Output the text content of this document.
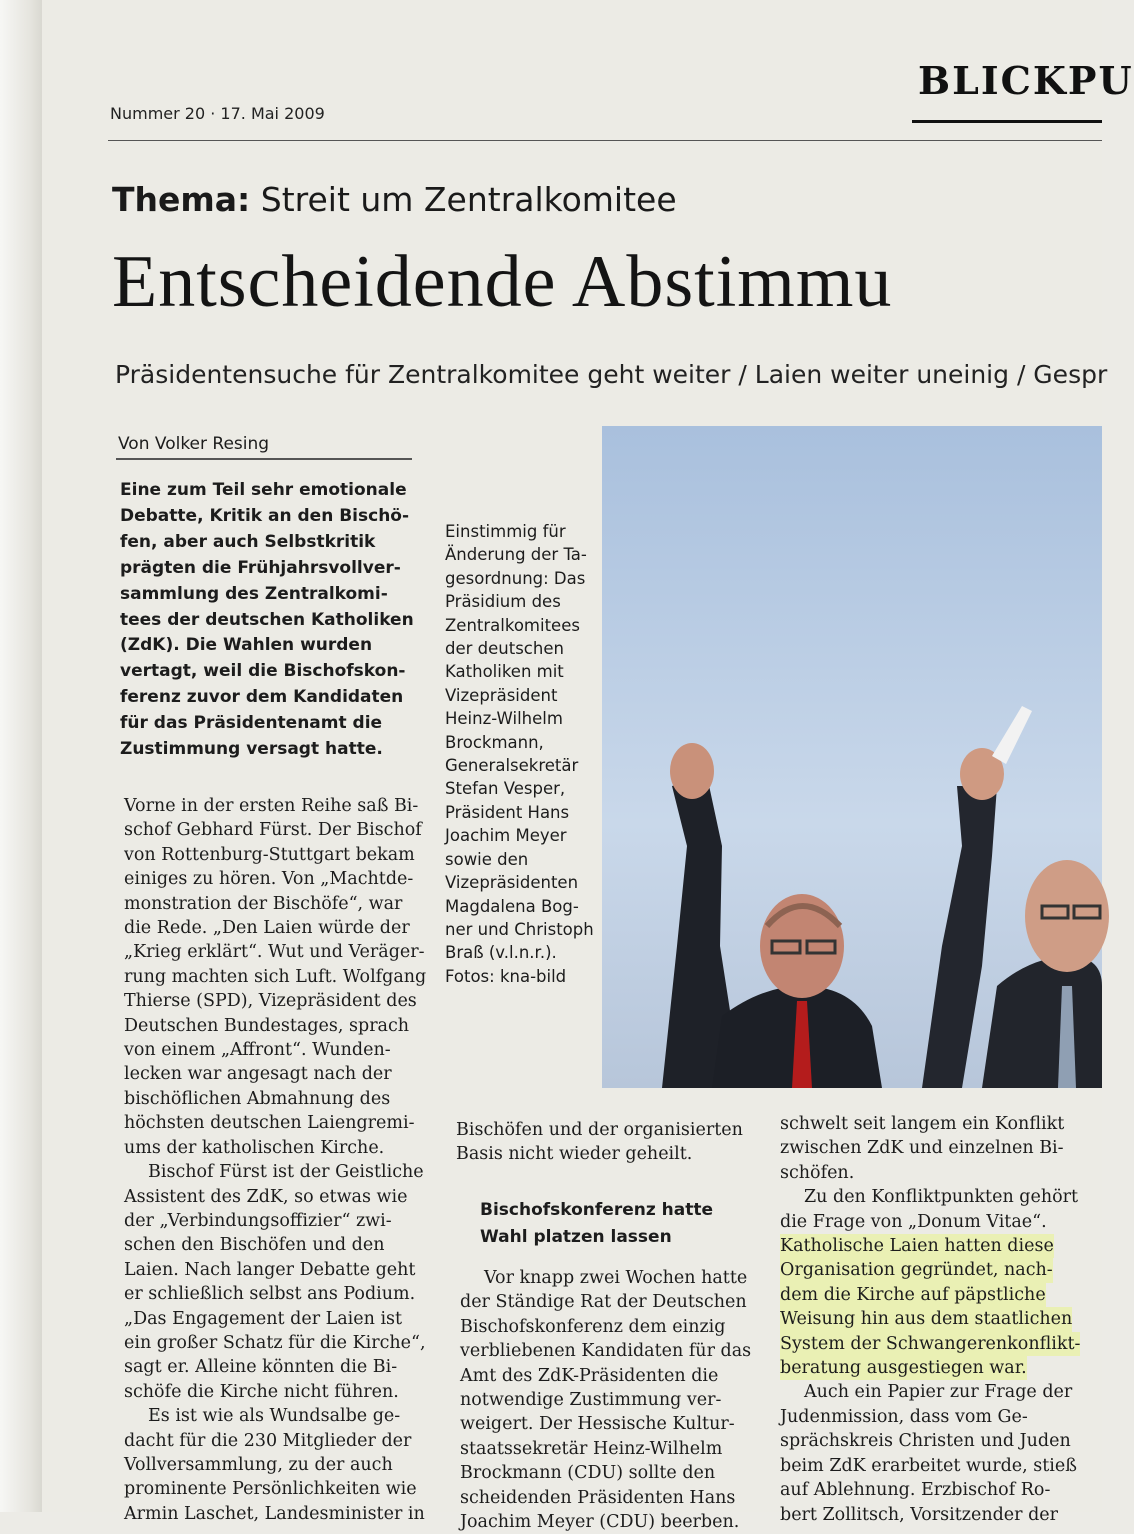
BLICKPU
Nummer 20 · 17. Mai 2009
Thema: Streit um Zentralkomitee
Entscheidende Abstimmu
Präsidentensuche für Zentralkomitee geht weiter / Laien weiter uneinig / Gespr
Von Volker Resing

Eine zum Teil sehr emotionale
Debatte, Kritik an den Bischö-
fen, aber auch Selbstkritik
prägten die Frühjahrsvollver-
sammlung des Zentralkomi-
tees der deutschen Katholiken
(ZdK). Die Wahlen wurden
vertagt, weil die Bischofskon-
ferenz zuvor dem Kandidaten
für das Präsidentenamt die
Zustimmung versagt hatte.

Einstimmig für
Änderung der Ta-
gesordnung: Das
Präsidium des
Zentralkomitees
der deutschen
Katholiken mit
Vizepräsident
Heinz-Wilhelm
Brockmann,
Generalsekretär
Stefan Vesper,
Präsident Hans
Joachim Meyer
sowie den
Vizepräsidenten
Magdalena Bog-
ner und Christoph
Braß (v.l.n.r.).
Fotos: kna-bild

Vorne in der ersten Reihe saß Bi-
schof Gebhard Fürst. Der Bischof
von Rottenburg-Stuttgart bekam
einiges zu hören. Von „Machtde-
monstration der Bischöfe“, war
die Rede. „Den Laien würde der
„Krieg erklärt“. Wut und Veräger-
rung machten sich Luft. Wolfgang
Thierse (SPD), Vizepräsident des
Deutschen Bundestages, sprach
von einem „Affront“. Wunden-
lecken war angesagt nach der
bischöflichen Abmahnung des
höchsten deutschen Laiengremi-
ums der katholischen Kirche.
Bischof Fürst ist der Geistliche
Assistent des ZdK, so etwas wie
der „Verbindungsoffizier“ zwi-
schen den Bischöfen und den
Laien. Nach langer Debatte geht
er schließlich selbst ans Podium.
„Das Engagement der Laien ist
ein großer Schatz für die Kirche“,
sagt er. Alleine könnten die Bi-
schöfe die Kirche nicht führen.
Es ist wie als Wundsalbe ge-
dacht für die 230 Mitglieder der
Vollversammlung, zu der auch
prominente Persönlichkeiten wie
Armin Laschet, Landesminister in

Bischöfen und der organisierten
Basis nicht wieder geheilt.

Bischofskonferenz hatte
Wahl platzen lassen

Vor knapp zwei Wochen hatte
der Ständige Rat der Deutschen
Bischofskonferenz dem einzig
verbliebenen Kandidaten für das
Amt des ZdK-Präsidenten die
notwendige Zustimmung ver-
weigert. Der Hessische Kultur-
staatssekretär Heinz-Wilhelm
Brockmann (CDU) sollte den
scheidenden Präsidenten Hans
Joachim Meyer (CDU) beerben.

schwelt seit langem ein Konflikt
zwischen ZdK und einzelnen Bi-
schöfen.
Zu den Konfliktpunkten gehört
die Frage von „Donum Vitae“.
Katholische Laien hatten diese
Organisation gegründet, nach-
dem die Kirche auf päpstliche
Weisung hin aus dem staatlichen
System der Schwangerenkonflikt-
beratung ausgestiegen war.

Auch ein Papier zur Frage der
Judenmission, dass vom Ge-
sprächskreis Christen und Juden
beim ZdK erarbeitet wurde, stieß
auf Ablehnung. Erzbischof Ro-
bert Zollitsch, Vorsitzender der
